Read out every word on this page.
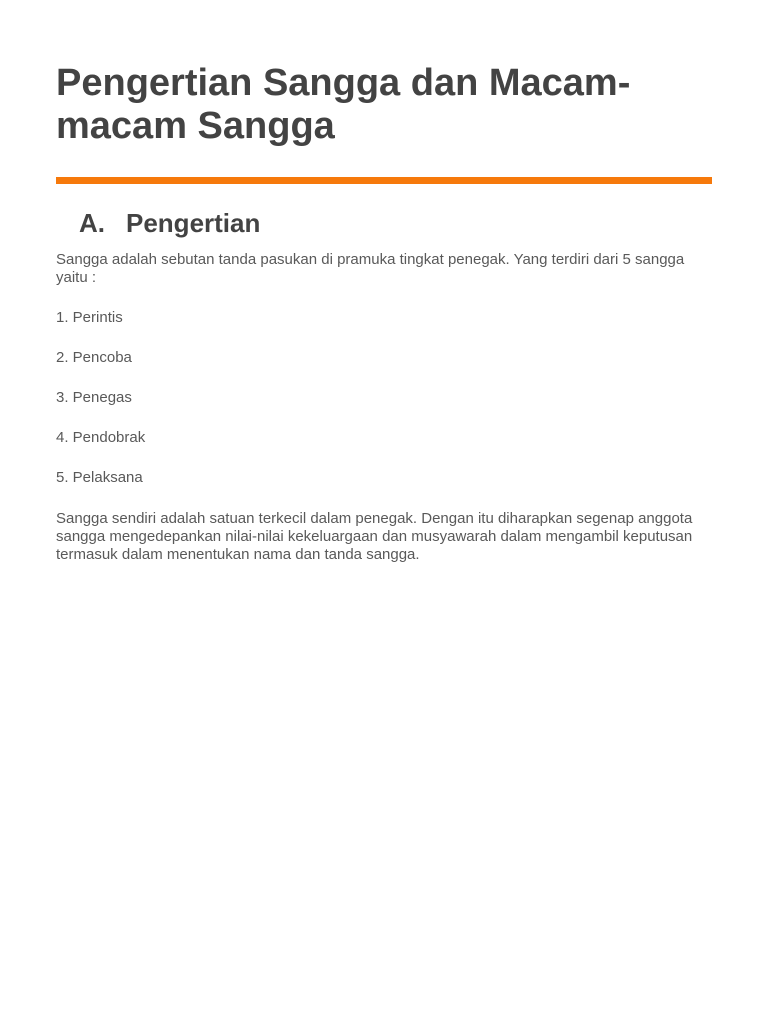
Pengertian Sangga dan Macam-macam Sangga
A. Pengertian

Sangga adalah sebutan tanda pasukan di pramuka tingkat penegak. Yang terdiri dari 5 sangga yaitu :

1. Perintis
2. Pencoba
3. Penegas
4. Pendobrak
5. Pelaksana

Sangga sendiri adalah satuan terkecil dalam penegak. Dengan itu diharapkan segenap anggota sangga mengedepankan nilai-nilai kekeluargaan dan musyawarah dalam mengambil keputusan termasuk dalam menentukan nama dan tanda sangga.
